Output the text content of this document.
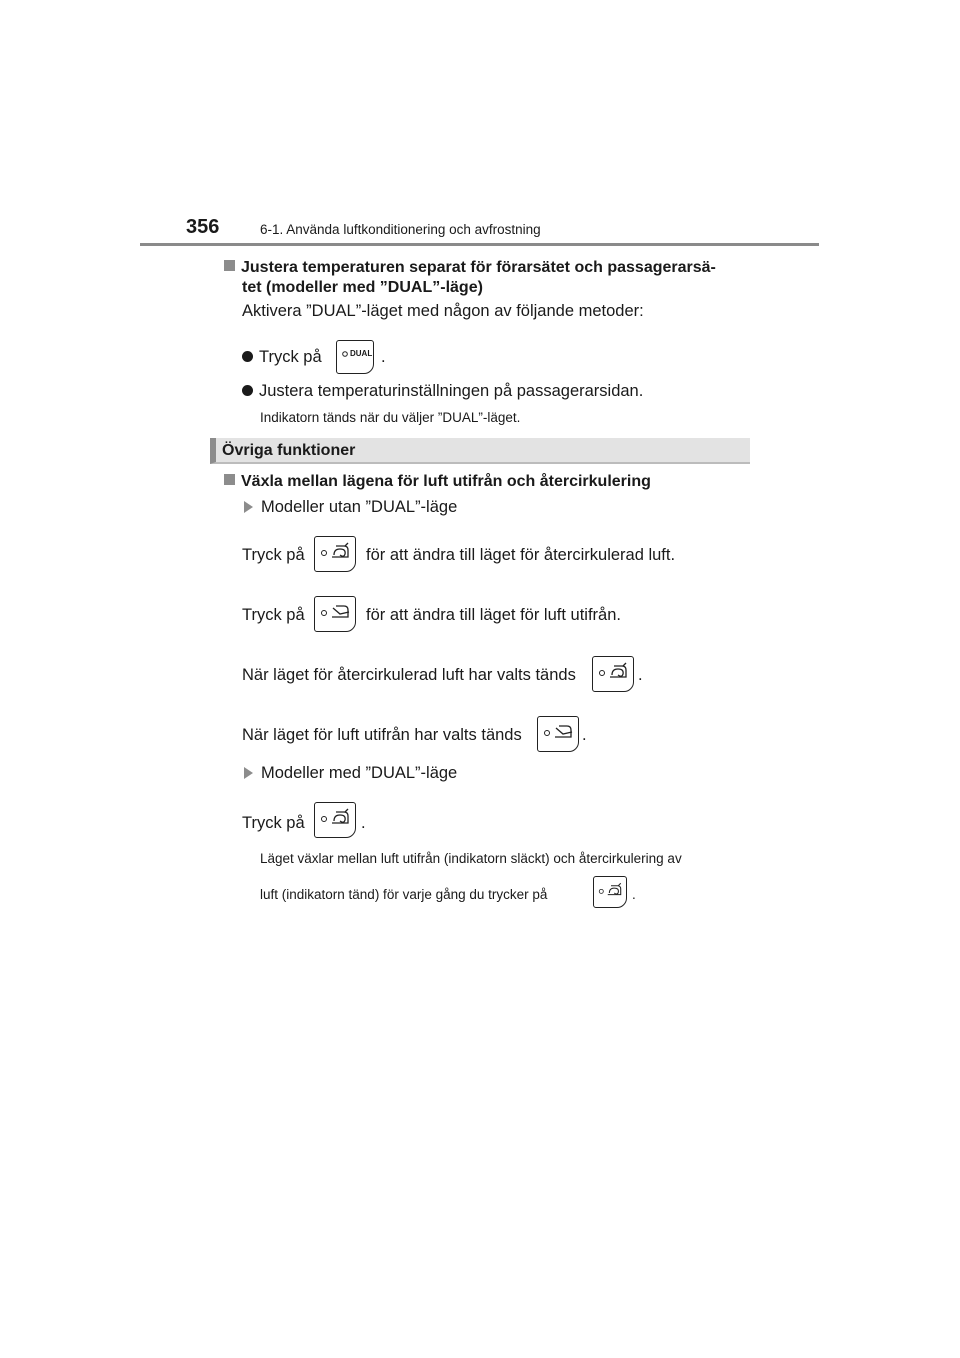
356	6-1. Använda luftkonditionering och avfrostning
Justera temperaturen separat för förarsätet och passagerarsä-
tet (modeller med ”DUAL”-läge)
Aktivera ”DUAL”-läget med någon av följande metoder:
Tryck på	DUAL .
Justera temperaturinställningen på passagerarsidan.
Indikatorn tänds när du väljer ”DUAL”-läget.
Övriga funktioner
Växla mellan lägena för luft utifrån och återcirkulering
Modeller utan ”DUAL”-läge
Tryck på	för att ändra till läget för återcirkulerad luft.
Tryck på	för att ändra till läget för luft utifrån.
När läget för återcirkulerad luft har valts tänds	.
När läget för luft utifrån har valts tänds	.
Modeller med ”DUAL”-läge
Tryck på	.
Läget växlar mellan luft utifrån (indikatorn släckt) och återcirkulering av
luft (indikatorn tänd) för varje gång du trycker på	.
